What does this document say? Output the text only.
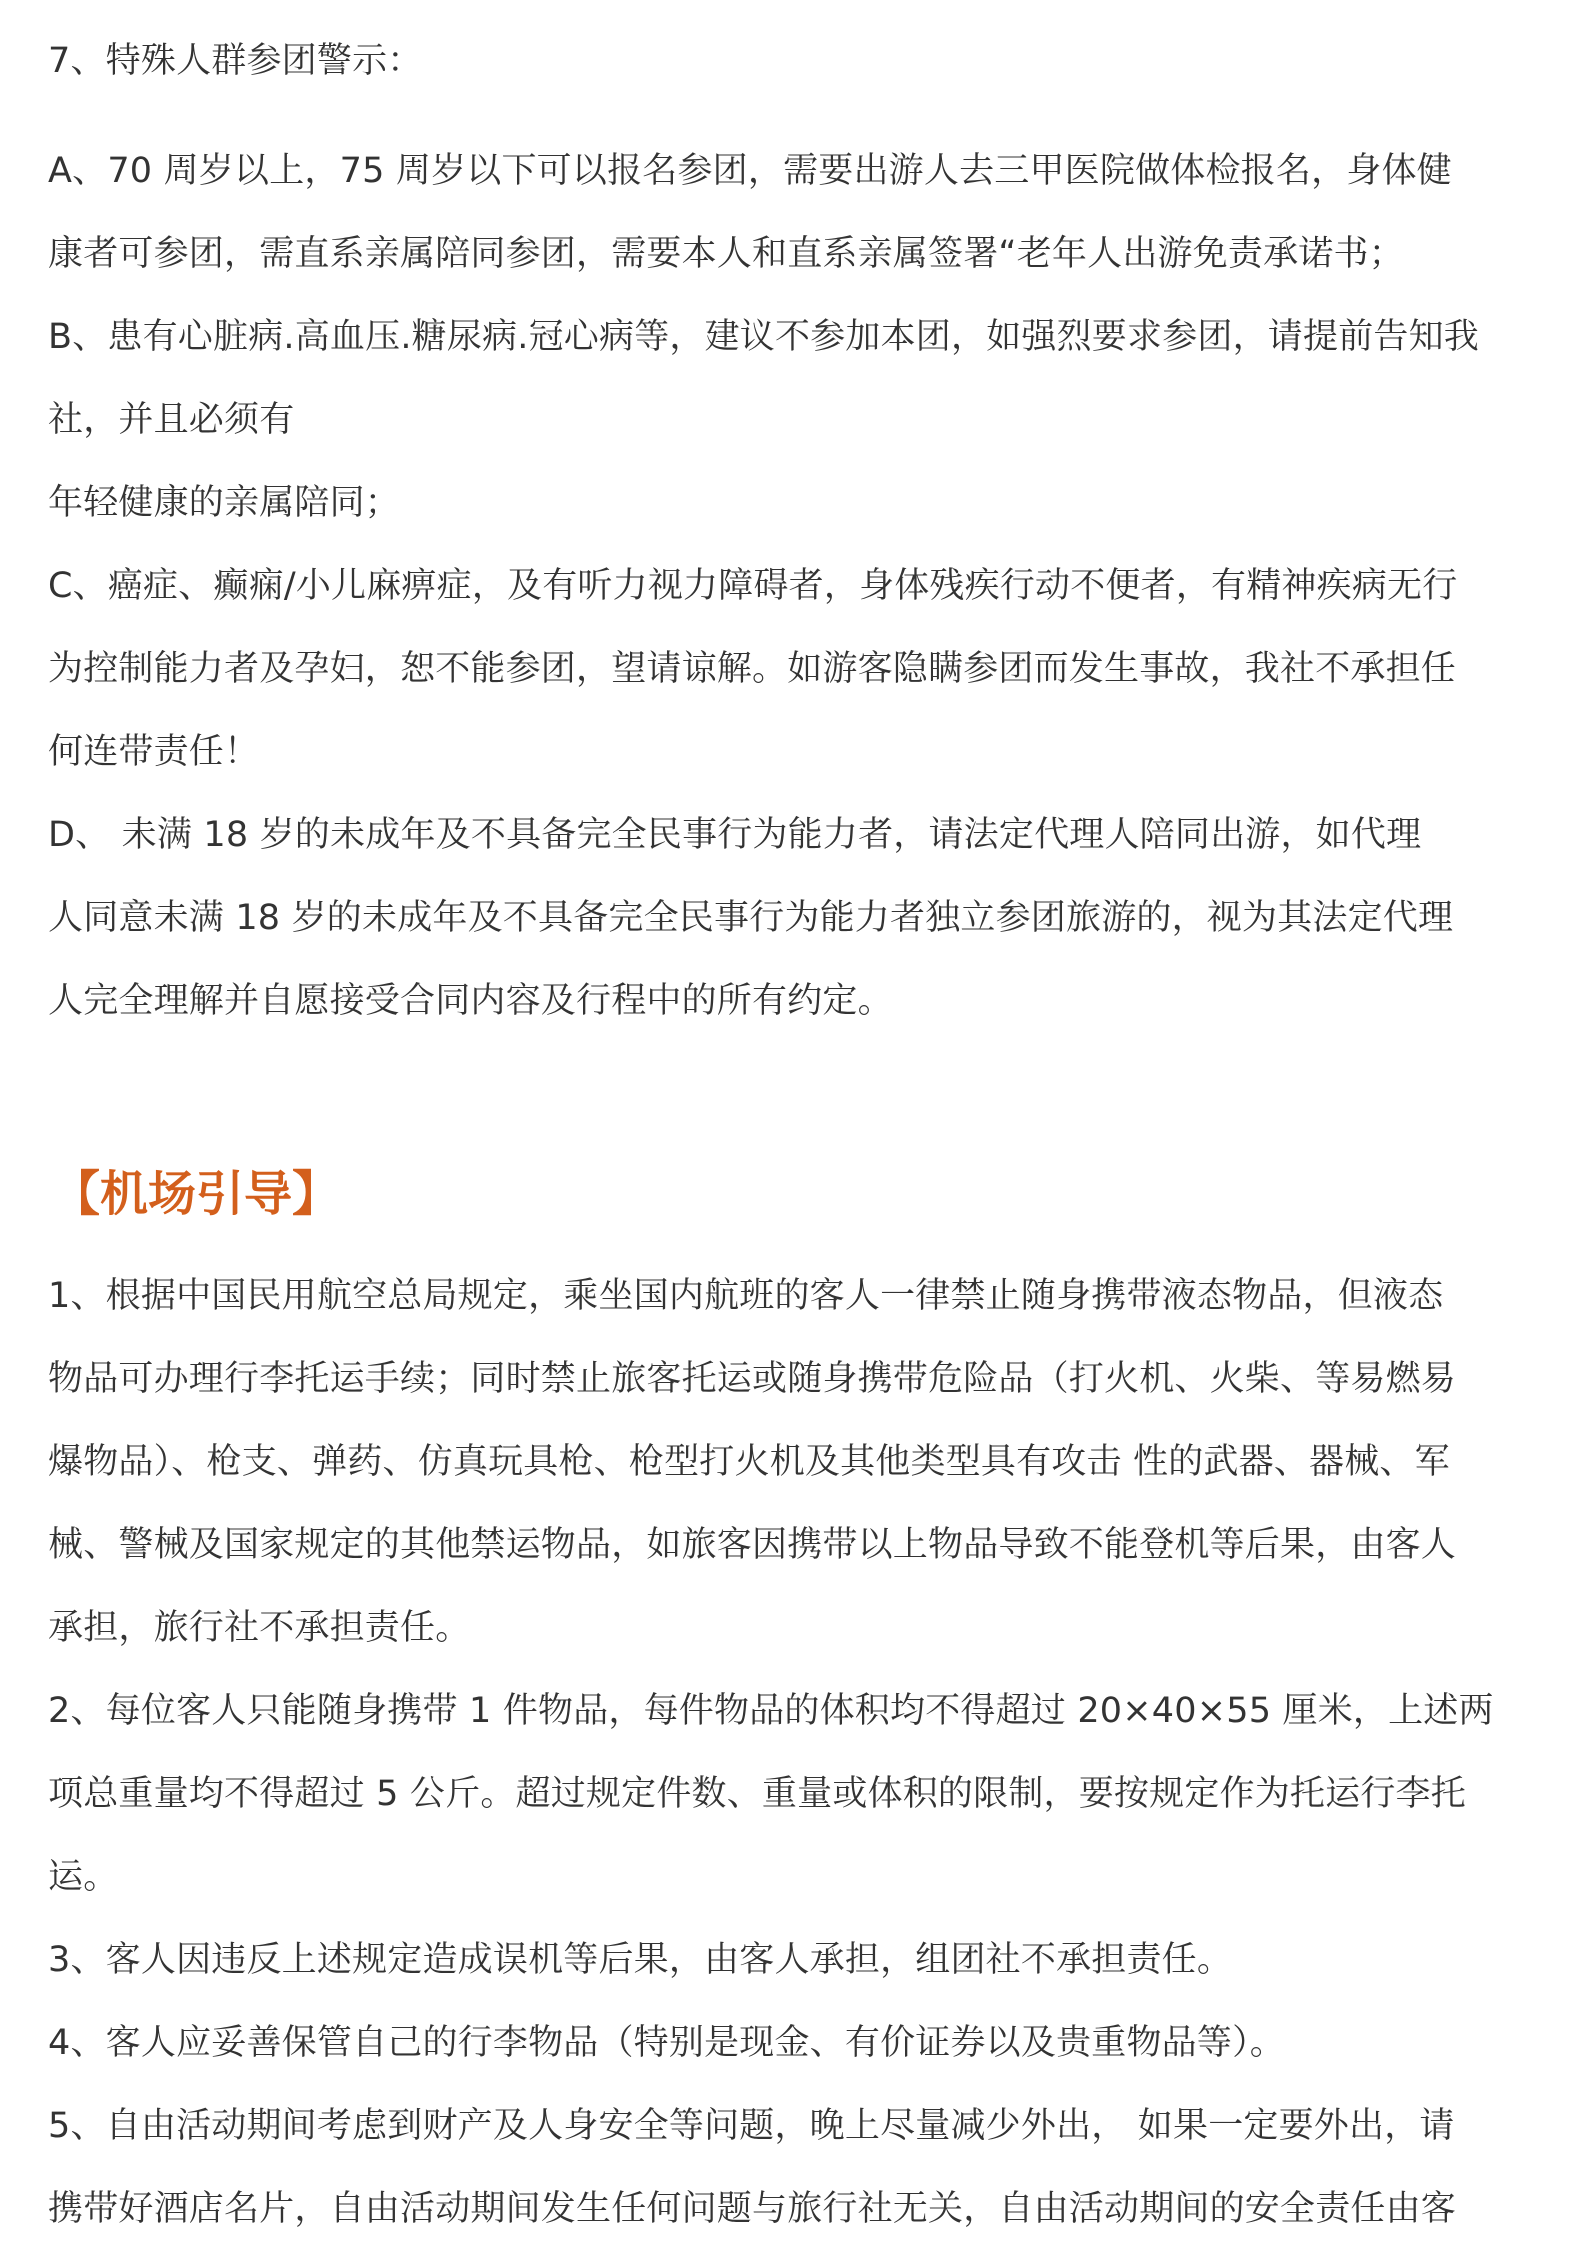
7、特殊人群参团警示：
A、70 周岁以上，75 周岁以下可以报名参团，需要出游人去三甲医院做体检报名，身体健
康者可参团，需直系亲属陪同参团，需要本人和直系亲属签署“老年人出游免责承诺书；
B、患有心脏病.高血压.糖尿病.冠心病等，建议不参加本团，如强烈要求参团，请提前告知我
社，并且必须有
年轻健康的亲属陪同；
C、癌症、癫痫/小儿麻痹症，及有听力视力障碍者，身体残疾行动不便者，有精神疾病无行
为控制能力者及孕妇，恕不能参团，望请谅解。如游客隐瞒参团而发生事故，我社不承担任
何连带责任！
D、 未满 18 岁的未成年及不具备完全民事行为能力者，请法定代理人陪同出游，如代理
人同意未满 18 岁的未成年及不具备完全民事行为能力者独立参团旅游的，视为其法定代理
人完全理解并自愿接受合同内容及行程中的所有约定。
【机场引导】
1、根据中国民用航空总局规定，乘坐国内航班的客人一律禁止随身携带液态物品，但液态
物品可办理行李托运手续；同时禁止旅客托运或随身携带危险品（打火机、火柴、等易燃易
爆物品）、枪支、弹药、仿真玩具枪、枪型打火机及其他类型具有攻击 性的武器、器械、军
械、警械及国家规定的其他禁运物品，如旅客因携带以上物品导致不能登机等后果，由客人
承担，旅行社不承担责任。
2、每位客人只能随身携带 1 件物品，每件物品的体积均不得超过 20×40×55 厘米，上述两
项总重量均不得超过 5 公斤。超过规定件数、重量或体积的限制，要按规定作为托运行李托
运。
3、客人因违反上述规定造成误机等后果，由客人承担，组团社不承担责任。
4、客人应妥善保管自己的行李物品（特别是现金、有价证券以及贵重物品等）。
5、自由活动期间考虑到财产及人身安全等问题，晚上尽量减少外出， 如果一定要外出，请
携带好酒店名片，自由活动期间发生任何问题与旅行社无关，自由活动期间的安全责任由客
